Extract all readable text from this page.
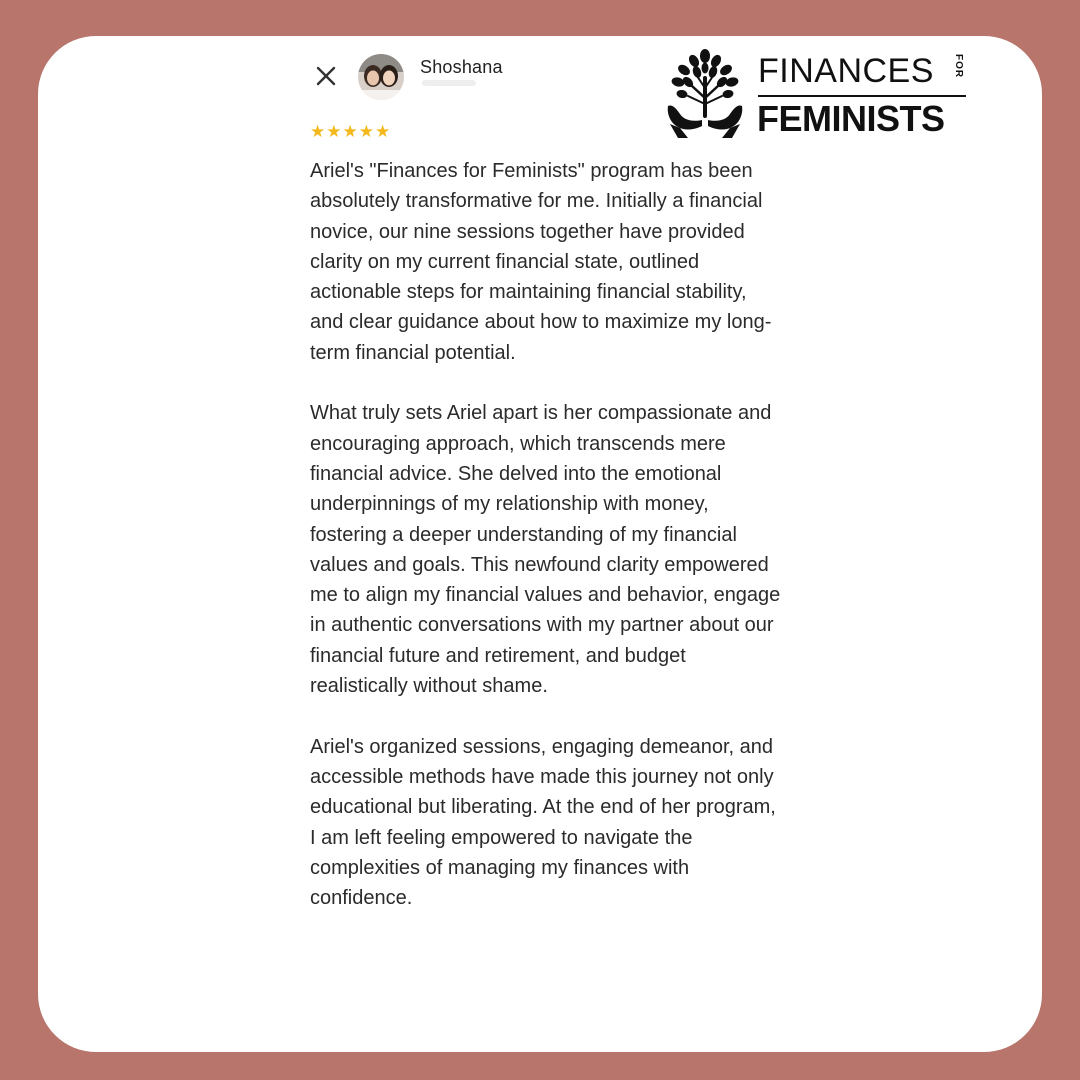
Shoshana
★ ★ ★ ★ ★

Ariel's "Finances for Feminists" program has been absolutely transformative for me. Initially a financial novice, our nine sessions together have provided clarity on my current financial state, outlined actionable steps for maintaining financial stability, and clear guidance about how to maximize my long-term financial potential.

What truly sets Ariel apart is her compassionate and encouraging approach, which transcends mere financial advice. She delved into the emotional underpinnings of my relationship with money, fostering a deeper understanding of my financial values and goals. This newfound clarity empowered me to align my financial values and behavior, engage in authentic conversations with my partner about our financial future and retirement, and budget realistically without shame.

Ariel's organized sessions, engaging demeanor, and accessible methods have made this journey not only educational but liberating. At the end of her program, I am left feeling empowered to navigate the complexities of managing my finances with confidence.

FINANCES FOR
FEMINISTS
